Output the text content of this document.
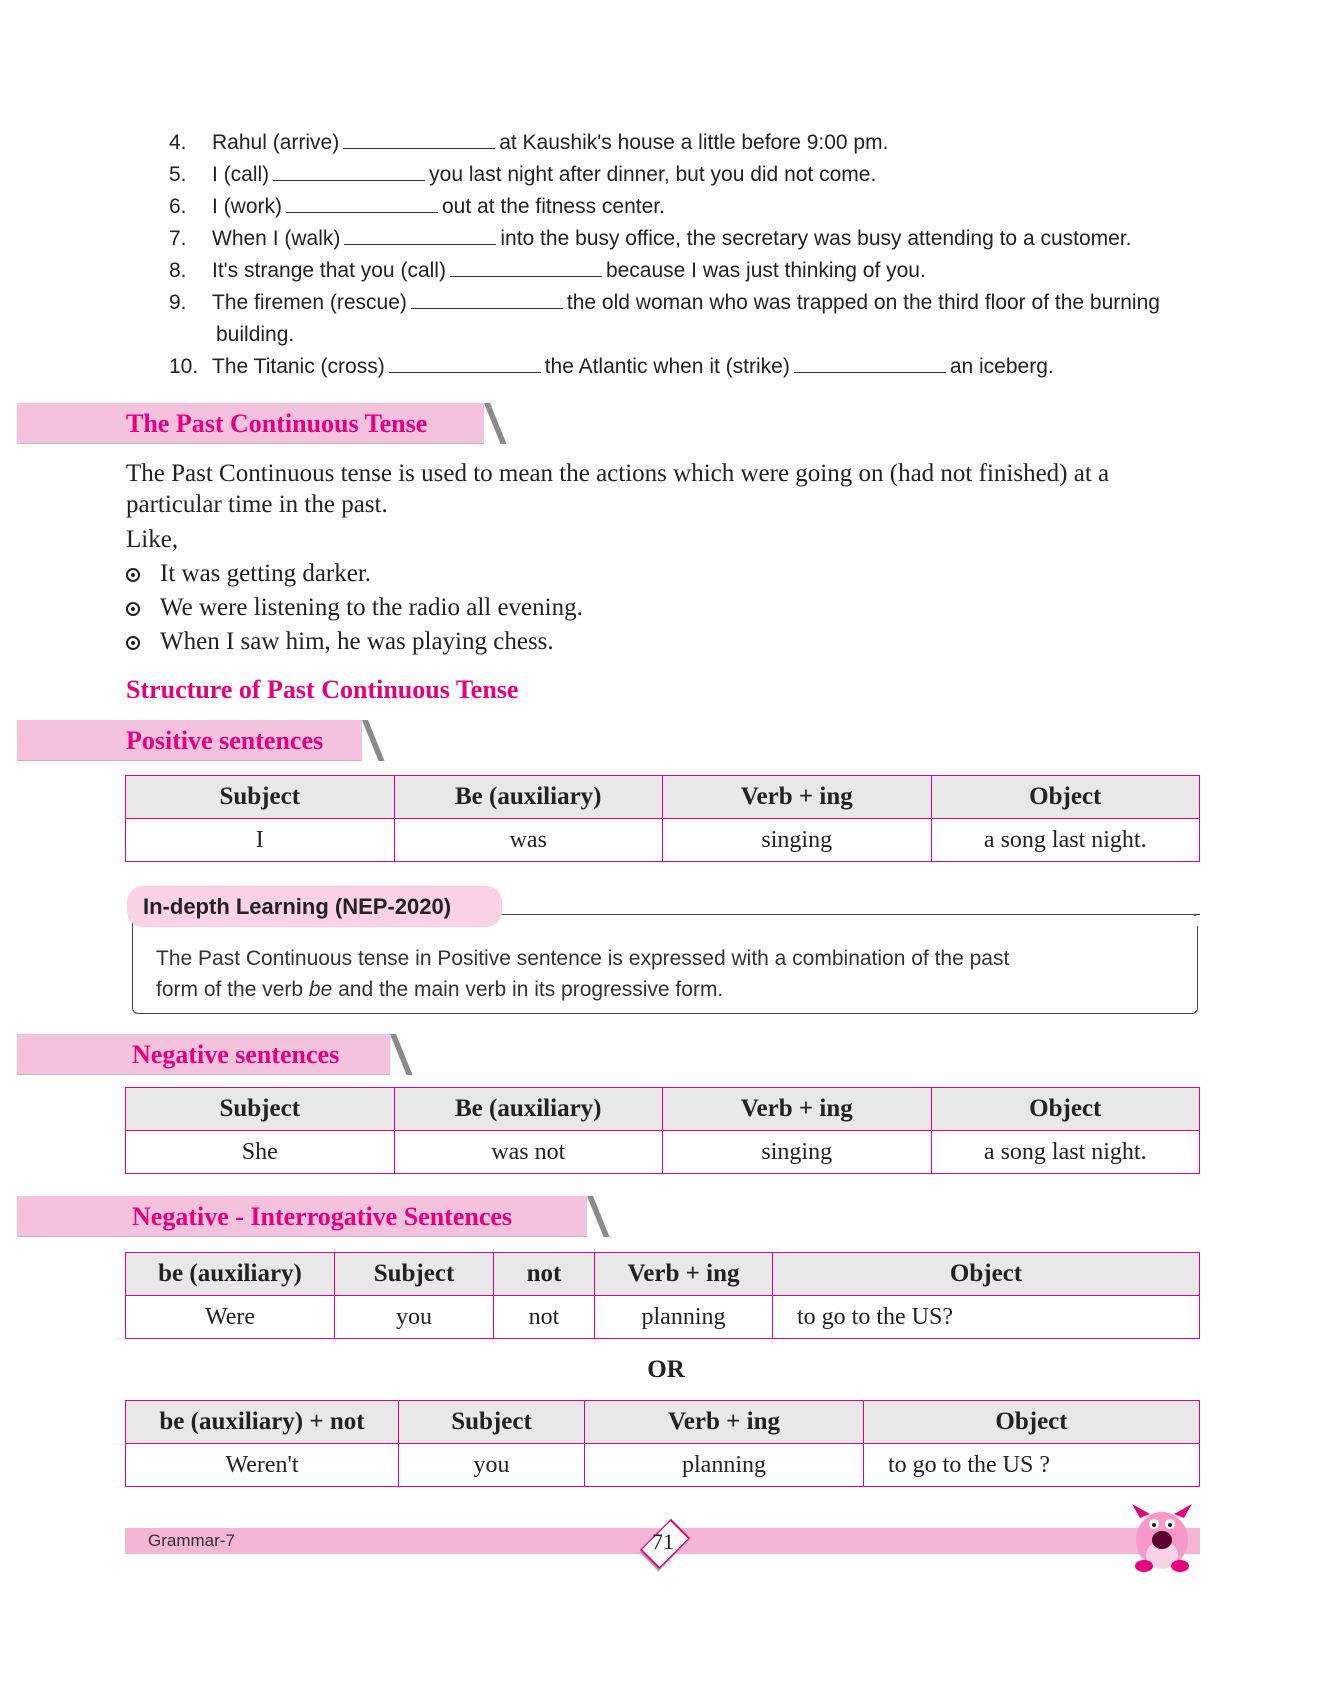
4. Rahul (arrive)	at Kaushik's house a little before 9:00 pm.
5. I (call)	you last night after dinner, but you did not come.
6. I (work)	out at the fitness center.
7. When I (walk)	into the busy office, the secretary was busy attending to a customer.
8. It's strange that you (call)	because I was just thinking of you.
9. The firemen (rescue)	the old woman who was trapped on the third floor of the burning
building.
10. The Titanic (cross)	the Atlantic when it (strike)	an iceberg.
The Past Continuous Tense
The Past Continuous tense is used to mean the actions which were going on (had not finished) at a
particular time in the past.
Like,
It was getting darker.
We were listening to the radio all evening.
When I saw him, he was playing chess.
Structure of Past Continuous Tense
Positive sentences
Subject	Be (auxiliary)	Verb + ing	Object
I	was	singing	a song last night.
The Past Continuous tense in Positive sentence is expressed with a combination of the past
form of the verb be and the main verb in its progressive form.
In-depth Learning (NEP-2020)
Negative sentences
Subject	Be (auxiliary)	Verb + ing	Object
She	was not	singing	a song last night.
Negative - Interrogative Sentences
be (auxiliary)	Subject	not	Verb + ing	Object
Were	you	not	planning	to go to the US?
OR
be (auxiliary) + not	Subject	Verb + ing	Object
Weren't	you	planning	to go to the US ?
Grammar-7	71
